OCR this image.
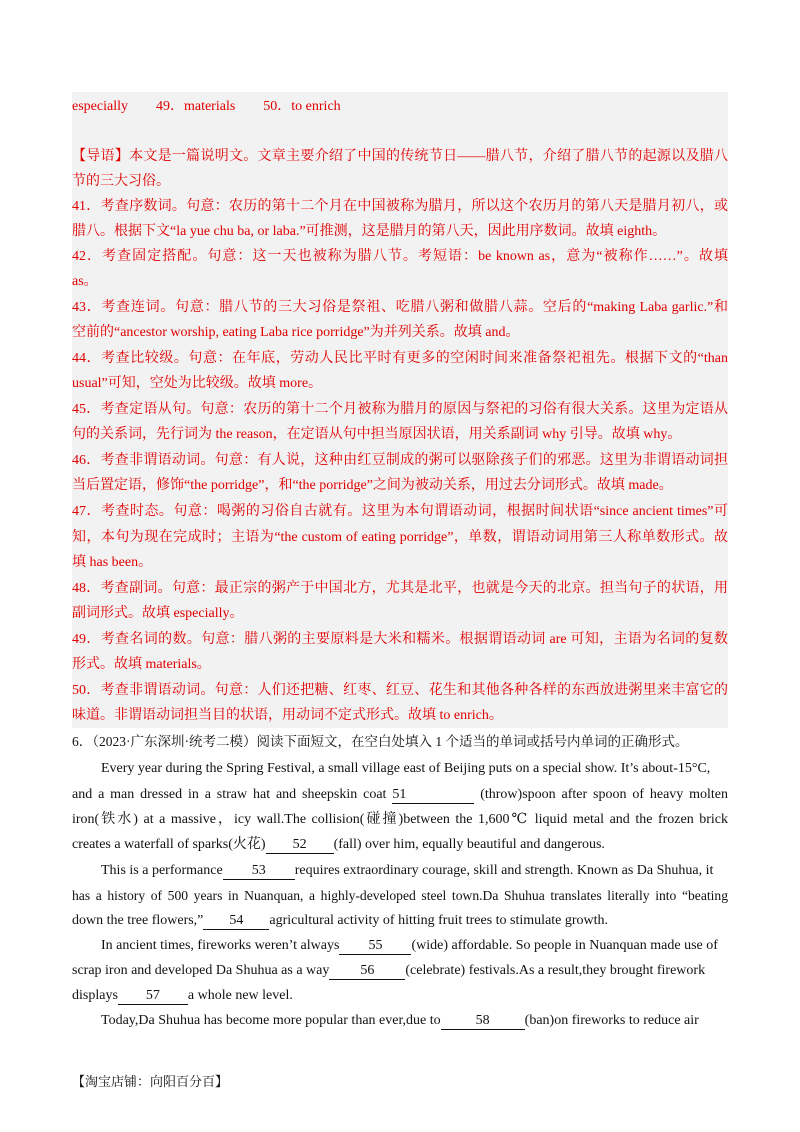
especially　　49．materials　　50．to enrich
【导语】本文是一篇说明文。文章主要介绍了中国的传统节日——腊八节，介绍了腊八节的起源以及腊八
节的三大习俗。
41．考查序数词。句意：农历的第十二个月在中国被称为腊月，所以这个农历月的第八天是腊月初八，或
腊八。根据下文“la yue chu ba, or laba.”可推测，这是腊月的第八天，因此用序数词。故填 eighth。
42．考查固定搭配。句意：这一天也被称为腊八节。考短语：be known as，意为“被称作……”。故填
as。
43．考查连词。句意：腊八节的三大习俗是祭祖、吃腊八粥和做腊八蒜。空后的“making Laba garlic.”和
空前的“ancestor worship, eating Laba rice porridge”为并列关系。故填 and。
44．考查比较级。句意：在年底，劳动人民比平时有更多的空闲时间来准备祭祀祖先。根据下文的“than
usual”可知，空处为比较级。故填 more。
45．考查定语从句。句意：农历的第十二个月被称为腊月的原因与祭祀的习俗有很大关系。这里为定语从
句的关系词，先行词为 the reason，在定语从句中担当原因状语，用关系副词 why 引导。故填 why。
46．考查非谓语动词。句意：有人说，这种由红豆制成的粥可以驱除孩子们的邪恶。这里为非谓语动词担
当后置定语，修饰“the porridge”，和“the porridge”之间为被动关系，用过去分词形式。故填 made。
47．考查时态。句意：喝粥的习俗自古就有。这里为本句谓语动词，根据时间状语“since ancient times”可
知，本句为现在完成时；主语为“the custom of eating porridge”，单数，谓语动词用第三人称单数形式。故
填 has been。
48．考查副词。句意：最正宗的粥产于中国北方，尤其是北平，也就是今天的北京。担当句子的状语，用
副词形式。故填 especially。
49．考查名词的数。句意：腊八粥的主要原料是大米和糯米。根据谓语动词 are 可知，主语为名词的复数
形式。故填 materials。
50．考查非谓语动词。句意：人们还把糖、红枣、红豆、花生和其他各种各样的东西放进粥里来丰富它的
味道。非谓语动词担当目的状语，用动词不定式形式。故填 to enrich。
6．（2023·广东深圳·统考二模）阅读下面短文，在空白处填入 1 个适当的单词或括号内单词的正确形式。
Every year during the Spring Festival, a small village east of Beijing puts on a special show. It’s about-15°C,
and a man dressed in a straw hat and sheepskin coat 51	(throw)spoon after spoon of heavy molten
iron(铁水) at a massive，icy wall.The collision(碰撞)between the 1,600℃ liquid metal and the frozen brick
creates a waterfall of sparks(火花) 52 (fall) over him, equally beautiful and dangerous.
This is a performance 53 requires extraordinary courage, skill and strength. Known as Da Shuhua, it
has a history of 500 years in Nuanquan, a highly-developed steel town.Da Shuhua translates literally into “beating
down the tree flowers,” 54 agricultural activity of hitting fruit trees to stimulate growth.
In ancient times, fireworks weren’t always 55 (wide) affordable. So people in Nuanquan made use of
scrap iron and developed Da Shuhua as a way 56 (celebrate) festivals.As a result,they brought firework
displays 57 a whole new level.
Today,Da Shuhua has become more popular than ever,due to	58	(ban)on fireworks to reduce air
【淘宝店铺：向阳百分百】
